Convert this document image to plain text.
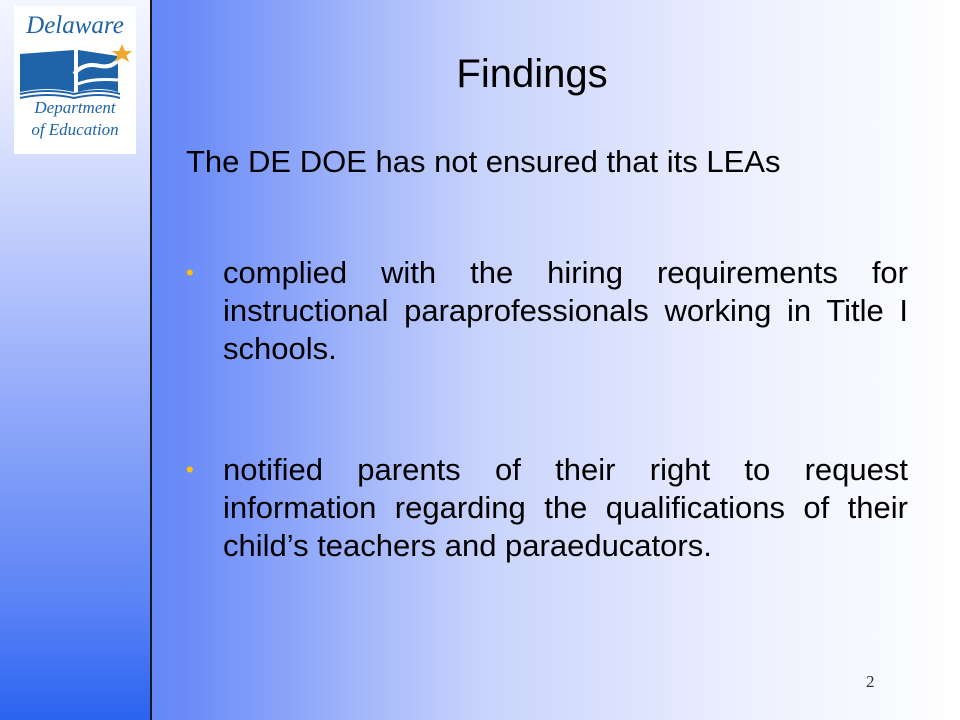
Delaware
Department
of Education
Findings
The DE DOE has not ensured that its LEAs
• complied with the hiring requirements for instructional paraprofessionals working in Title I schools.
• notified parents of their right to request information regarding the qualifications of their child’s teachers and paraeducators.
2
